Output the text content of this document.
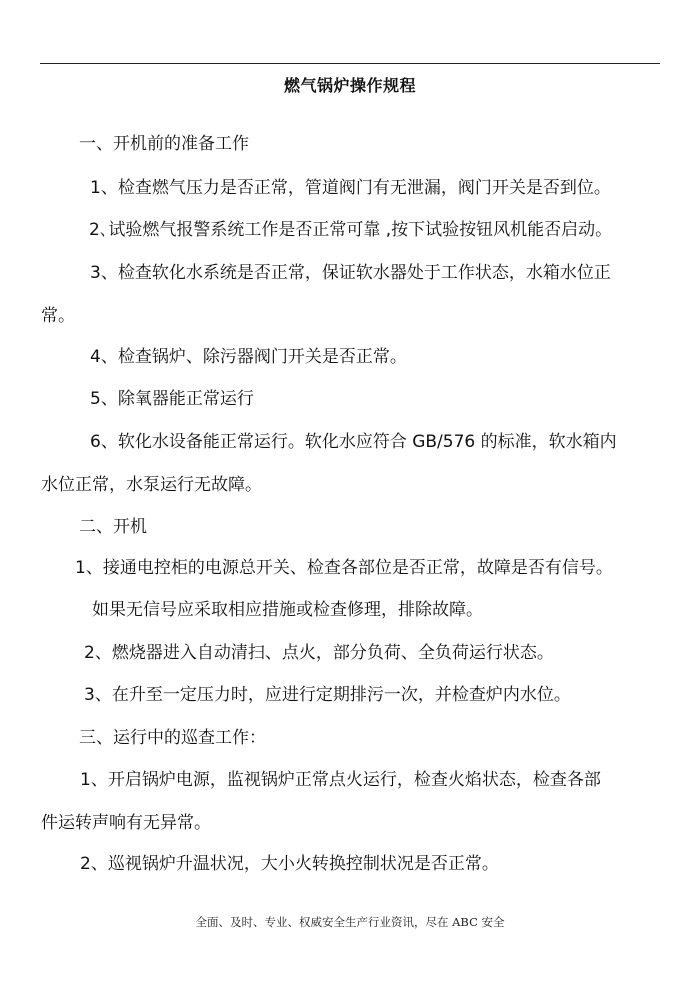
燃气锅炉操作规程
一、开机前的准备工作
1、检查燃气压力是否正常，管道阀门有无泄漏，阀门开关是否到位。
2､试验燃气报警系统工作是否正常可靠 ,按下试验按钮风机能否启动。
3、检查软化水系统是否正常，保证软水器处于工作状态，水箱水位正
常。
4、检查锅炉、除污器阀门开关是否正常。
5、除氧器能正常运行
6、软化水设备能正常运行。软化水应符合 GB/576 的标准，软水箱内
水位正常，水泵运行无故障。
二、开机
1、接通电控柜的电源总开关、检查各部位是否正常，故障是否有信号。
如果无信号应采取相应措施或检查修理，排除故障。
2、燃烧器进入自动清扫、点火，部分负荷、全负荷运行状态。
3、在升至一定压力时，应进行定期排污一次，并检查炉内水位。
三、运行中的巡查工作：
1、开启锅炉电源，监视锅炉正常点火运行，检查火焰状态，检查各部
件运转声响有无异常。
2、巡视锅炉升温状况，大小火转换控制状况是否正常。
全面、及时、专业、权威安全生产行业资讯，尽在 ABC 安全
